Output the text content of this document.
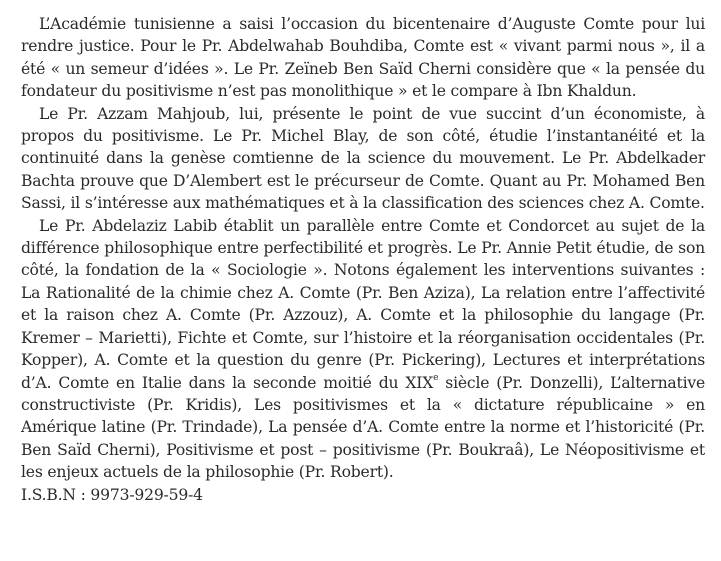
L’Académie tunisienne a saisi l’occasion du bicentenaire d’Auguste Comte pour lui rendre justice. Pour le Pr. Abdelwahab Bouhdiba, Comte est « vivant parmi nous », il a été « un semeur d’idées ». Le Pr. Zeïneb Ben Saïd Cherni considère que « la pensée du fondateur du positivisme n’est pas monolithique » et le compare à Ibn Khaldun.

Le Pr. Azzam Mahjoub, lui, présente le point de vue succint d’un économiste, à propos du positivisme. Le Pr. Michel Blay, de son côté, étudie l’instantanéité et la continuité dans la genèse comtienne de la science du mouvement. Le Pr. Abdelkader Bachta prouve que D’Alembert est le précurseur de Comte. Quant au Pr. Mohamed Ben Sassi, il s’intéresse aux mathématiques et à la classification des sciences chez A. Comte.

Le Pr. Abdelaziz Labib établit un parallèle entre Comte et Condorcet au sujet de la différence philosophique entre perfectibilité et progrès. Le Pr. Annie Petit étudie, de son côté, la fondation de la « Sociologie ». Notons également les interventions suivantes : La Rationalité de la chimie chez A. Comte (Pr. Ben Aziza), La relation entre l’affectivité et la raison chez A. Comte (Pr. Azzouz), A. Comte et la philosophie du langage (Pr. Kremer – Marietti), Fichte et Comte, sur l’histoire et la réorganisation occidentales (Pr. Kopper), A. Comte et la question du genre (Pr. Pickering), Lectures et interprétations d’A. Comte en Italie dans la seconde moitié du XIXe siècle (Pr. Donzelli), L’alternative constructiviste (Pr. Kridis), Les positivismes et la « dictature républicaine » en Amérique latine (Pr. Trindade), La pensée d’A. Comte entre la norme et l’historicité (Pr. Ben Saïd Cherni), Positivisme et post – positivisme (Pr. Boukraâ), Le Néopositivisme et les enjeux actuels de la philosophie (Pr. Robert).

I.S.B.N : 9973-929-59-4
